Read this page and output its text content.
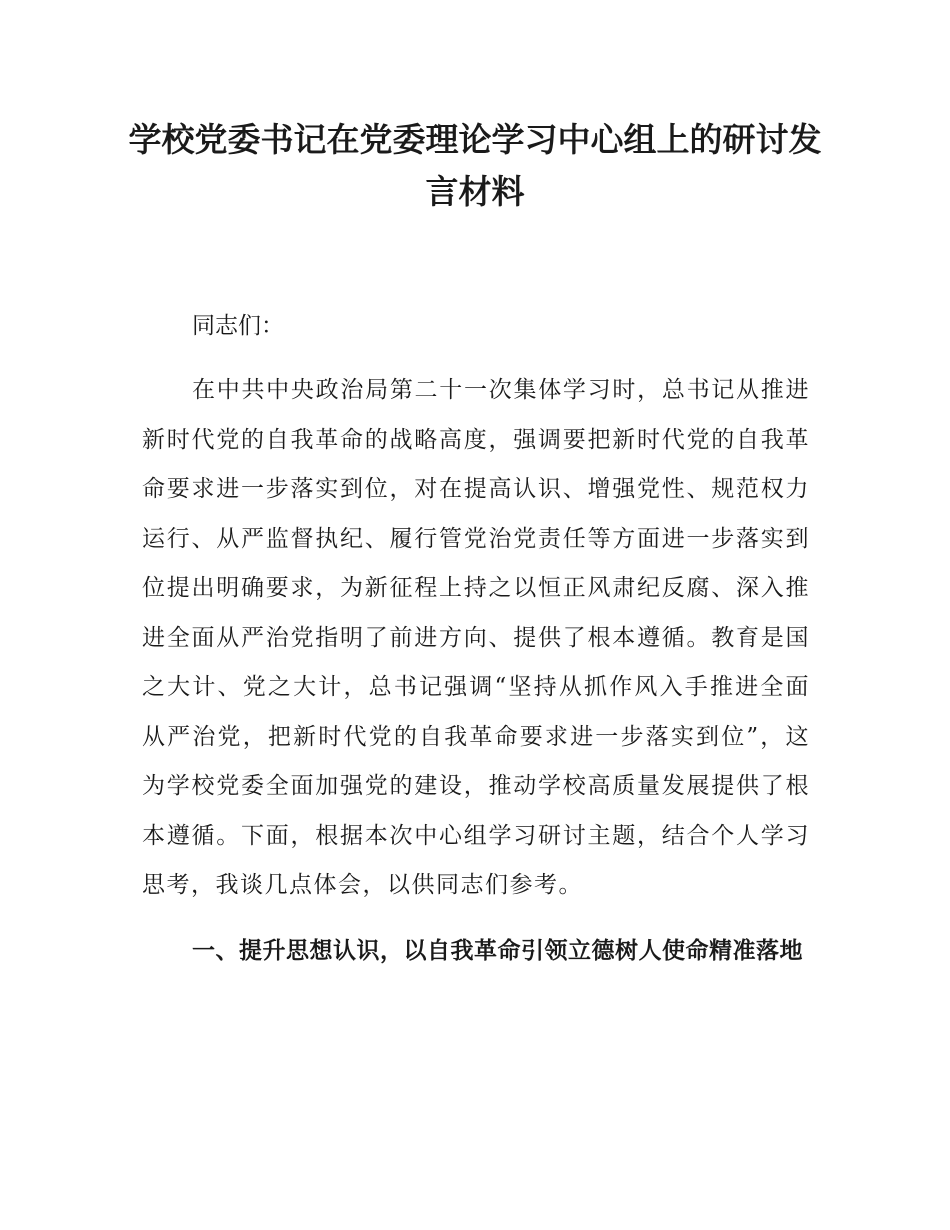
学校党委书记在党委理论学习中心组上的研讨发言材料

同志们：

在中共中央政治局第二十一次集体学习时，总书记从推进新时代党的自我革命的战略高度，强调要把新时代党的自我革命要求进一步落实到位，对在提高认识、增强党性、规范权力运行、从严监督执纪、履行管党治党责任等方面进一步落实到位提出明确要求，为新征程上持之以恒正风肃纪反腐、深入推进全面从严治党指明了前进方向、提供了根本遵循。教育是国之大计、党之大计，总书记强调“坚持从抓作风入手推进全面从严治党，把新时代党的自我革命要求进一步落实到位”，这为学校党委全面加强党的建设，推动学校高质量发展提供了根本遵循。下面，根据本次中心组学习研讨主题，结合个人学习思考，我谈几点体会，以供同志们参考。

一、提升思想认识，以自我革命引领立德树人使命精准落地
